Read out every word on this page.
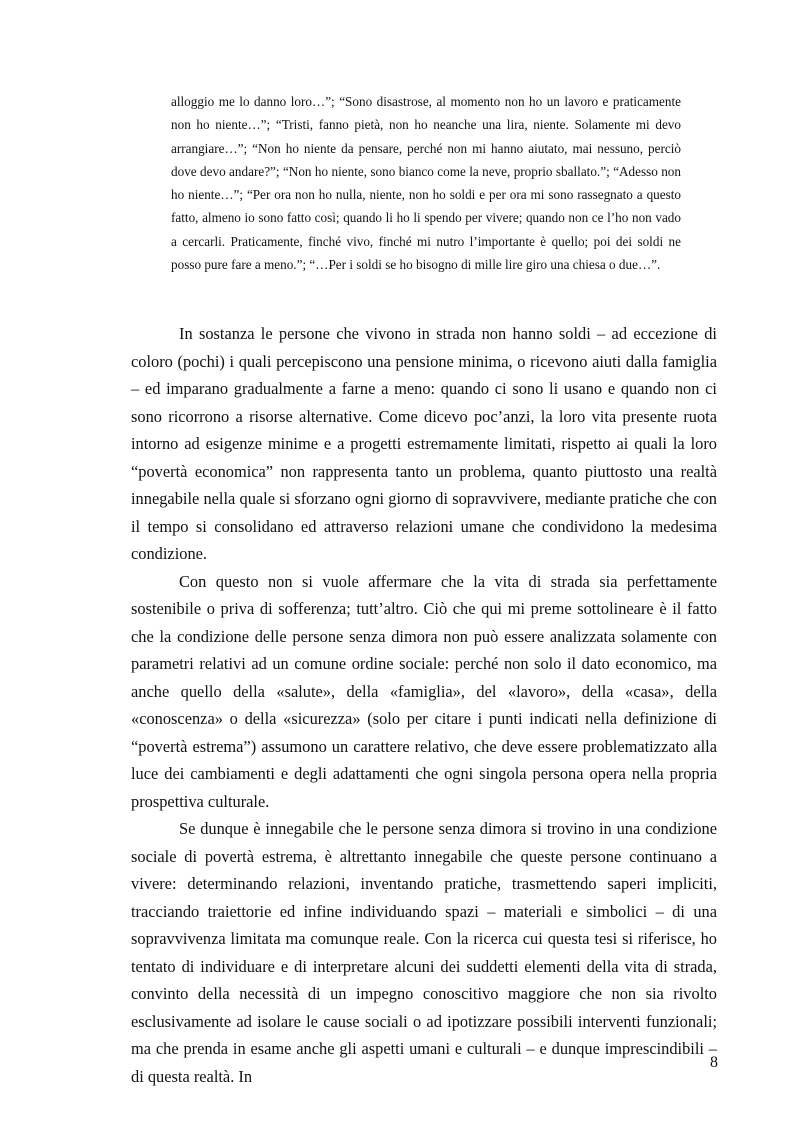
alloggio me lo danno loro…”; “Sono disastrose, al momento non ho un lavoro e praticamente non ho niente…”; “Tristi, fanno pietà, non ho neanche una lira, niente. Solamente mi devo arrangiare…”; “Non ho niente da pensare, perché non mi hanno aiutato, mai nessuno, perciò dove devo andare?”; “Non ho niente, sono bianco come la neve, proprio sballato.”; “Adesso non ho niente…”; “Per ora non ho nulla, niente, non ho soldi e per ora mi sono rassegnato a questo fatto, almeno io sono fatto così; quando li ho li spendo per vivere; quando non ce l’ho non vado a cercarli. Praticamente, finché vivo, finché mi nutro l’importante è quello; poi dei soldi ne posso pure fare a meno.”; “…Per i soldi se ho bisogno di mille lire giro una chiesa o due…”.

In sostanza le persone che vivono in strada non hanno soldi – ad eccezione di coloro (pochi) i quali percepiscono una pensione minima, o ricevono aiuti dalla famiglia – ed imparano gradualmente a farne a meno: quando ci sono li usano e quando non ci sono ricorrono a risorse alternative. Come dicevo poc’anzi, la loro vita presente ruota intorno ad esigenze minime e a progetti estremamente limitati, rispetto ai quali la loro “povertà economica” non rappresenta tanto un problema, quanto piuttosto una realtà innegabile nella quale si sforzano ogni giorno di sopravvivere, mediante pratiche che con il tempo si consolidano ed attraverso relazioni umane che condividono la medesima condizione.

Con questo non si vuole affermare che la vita di strada sia perfettamente sostenibile o priva di sofferenza; tutt’altro. Ciò che qui mi preme sottolineare è il fatto che la condizione delle persone senza dimora non può essere analizzata solamente con parametri relativi ad un comune ordine sociale: perché non solo il dato economico, ma anche quello della «salute», della «famiglia», del «lavoro», della «casa», della «conoscenza» o della «sicurezza» (solo per citare i punti indicati nella definizione di “povertà estrema”) assumono un carattere relativo, che deve essere problematizzato alla luce dei cambiamenti e degli adattamenti che ogni singola persona opera nella propria prospettiva culturale.

Se dunque è innegabile che le persone senza dimora si trovino in una condizione sociale di povertà estrema, è altrettanto innegabile che queste persone continuano a vivere: determinando relazioni, inventando pratiche, trasmettendo saperi impliciti, tracciando traiettorie ed infine individuando spazi – materiali e simbolici – di una sopravvivenza limitata ma comunque reale. Con la ricerca cui questa tesi si riferisce, ho tentato di individuare e di interpretare alcuni dei suddetti elementi della vita di strada, convinto della necessità di un impegno conoscitivo maggiore che non sia rivolto esclusivamente ad isolare le cause sociali o ad ipotizzare possibili interventi funzionali; ma che prenda in esame anche gli aspetti umani e culturali – e dunque imprescindibili – di questa realtà. In

8
